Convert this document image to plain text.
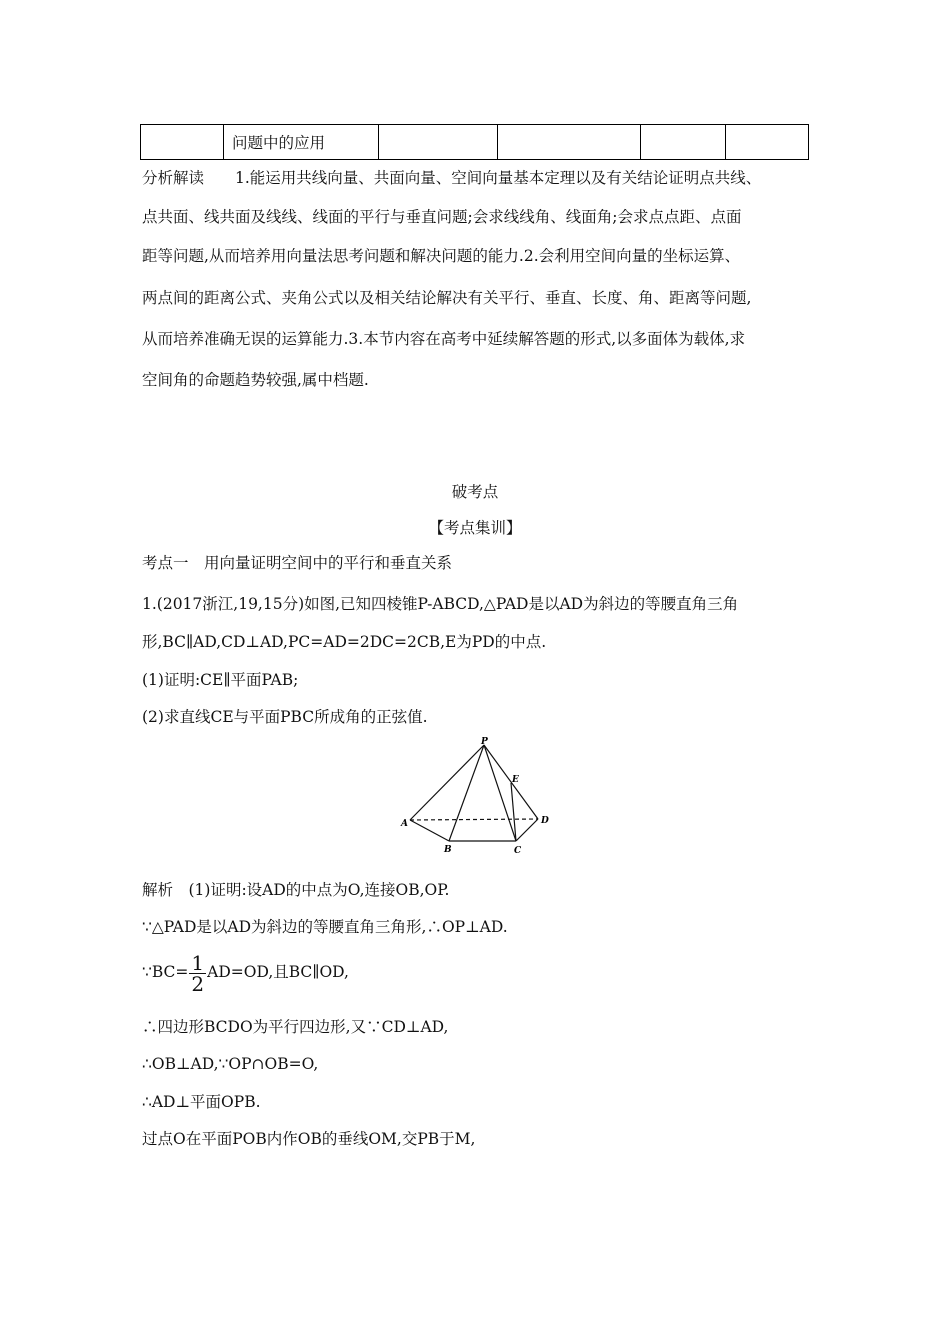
	问题中的应用				
分析解读　　1.能运用共线向量、共面向量、空间向量基本定理以及有关结论证明点共线、
点共面、线共面及线线、线面的平行与垂直问题;会求线线角、线面角;会求点点距、点面
距等问题,从而培养用向量法思考问题和解决问题的能力.2.会利用空间向量的坐标运算、
两点间的距离公式、夹角公式以及相关结论解决有关平行、垂直、长度、角、距离等问题,
从而培养准确无误的运算能力.3.本节内容在高考中延续解答题的形式,以多面体为载体,求
空间角的命题趋势较强,属中档题.
破考点
【考点集训】
考点一　用向量证明空间中的平行和垂直关系
1.(2017浙江,19,15分)如图,已知四棱锥P-ABCD,△PAD是以AD为斜边的等腰直角三角
形,BC∥AD,CD⊥AD,PC=AD=2DC=2CB,E为PD的中点.
(1)证明:CE∥平面PAB;
(2)求直线CE与平面PBC所成角的正弦值.
P
A
B	C
D
E
解析　(1)证明:设AD的中点为O,连接OB,OP.
∵△PAD是以AD为斜边的等腰直角三角形,∴OP⊥AD.
∵BC= $\frac{1}{2} AD=OD$,且BC∥OD,
∴四边形BCDO为平行四边形,又∵CD⊥AD,
∴OB⊥AD,∵OP∩OB=O,
∴AD⊥平面OPB.
过点O在平面POB内作OB的垂线OM,交PB于M,
